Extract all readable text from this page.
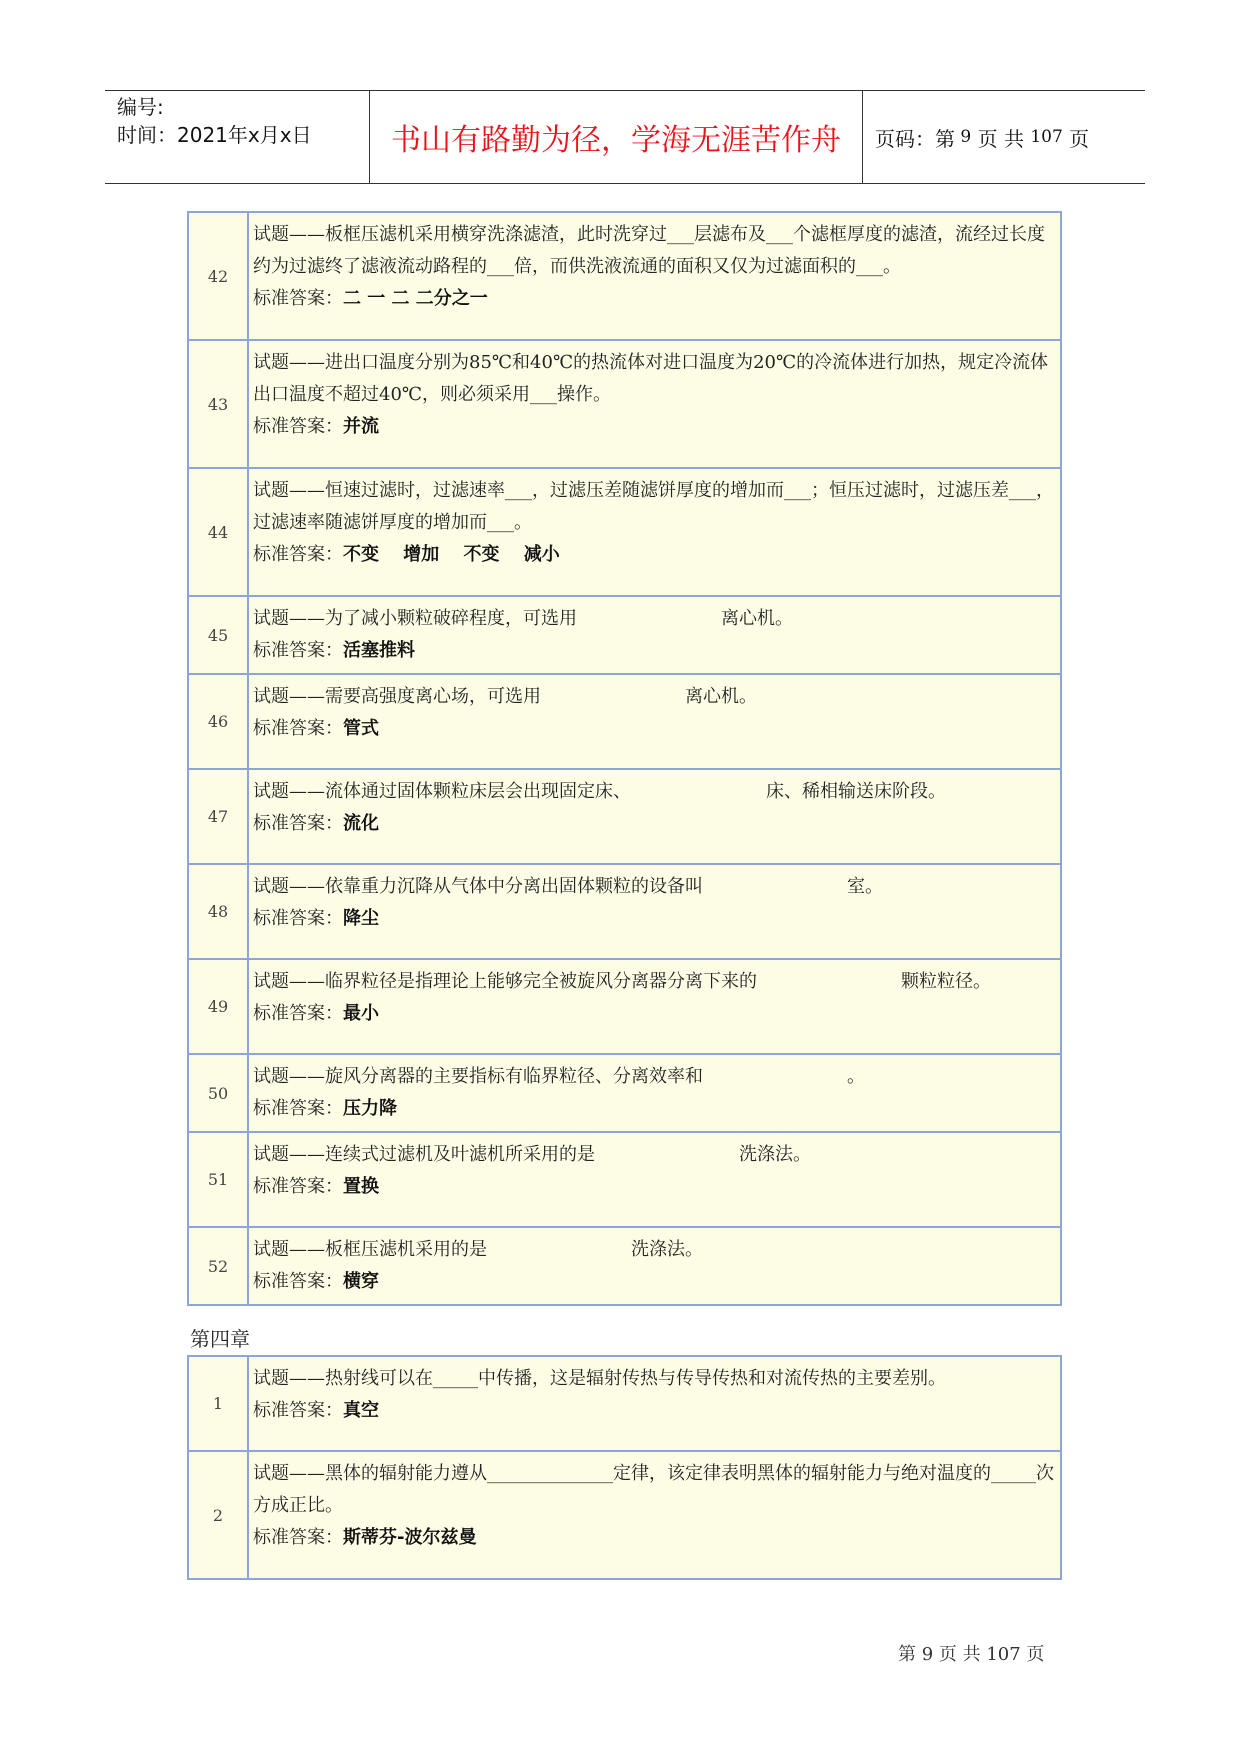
编号:
时间：2021年x月x日	书山有路勤为径，学海无涯苦作舟	页码：第
9
页 共
107
页
42	试题——板框压滤机采用横穿洗涤滤渣，此时洗穿过___层滤布及___个滤框厚度的滤渣，流经过长度约为过滤终了滤液流动路程的___倍，而供洗液流通的面积又仅为过滤面积的___。
标准答案：二 一 二 二分之一

43	试题——进出口温度分别为85℃和40℃的热流体对进口温度为20℃的冷流体进行加热，规定冷流体出口温度不超过40℃，则必须采用___操作。
标准答案：并流

44	试题——恒速过滤时，过滤速率___，过滤压差随滤饼厚度的增加而___；恒压过滤时，过滤压差___，过滤速率随滤饼厚度的增加而___。
标准答案：不变　 增加　 不变　 减小

45	试题——为了减小颗粒破碎程度，可选用　　　　　　　　离心机。
标准答案：活塞推料

46	试题——需要高强度离心场，可选用　　　　　　　　离心机。
标准答案：管式

47	试题——流体通过固体颗粒床层会出现固定床、　　　　　　　　床、稀相输送床阶段。
标准答案：流化

48	试题——依靠重力沉降从气体中分离出固体颗粒的设备叫　　　　　　　　室。
标准答案：降尘

49	试题——临界粒径是指理论上能够完全被旋风分离器分离下来的　　　　　　　　颗粒粒径。
标准答案：最小

50	试题——旋风分离器的主要指标有临界粒径、分离效率和　　　　　　　　。
标准答案：压力降

51	试题——连续式过滤机及叶滤机所采用的是　　　　　　　　洗涤法。
标准答案：置换

52	试题——板框压滤机采用的是　　　　　　　　洗涤法。
标准答案：横穿
第四章
1	试题——热射线可以在_____中传播，这是辐射传热与传导传热和对流传热的主要差别。
标准答案：真空

2	试题——黑体的辐射能力遵从______________定律，该定律表明黑体的辐射能力与绝对温度的_____次方成正比。
标准答案：斯蒂芬-波尔兹曼
第 9 页 共 107 页
